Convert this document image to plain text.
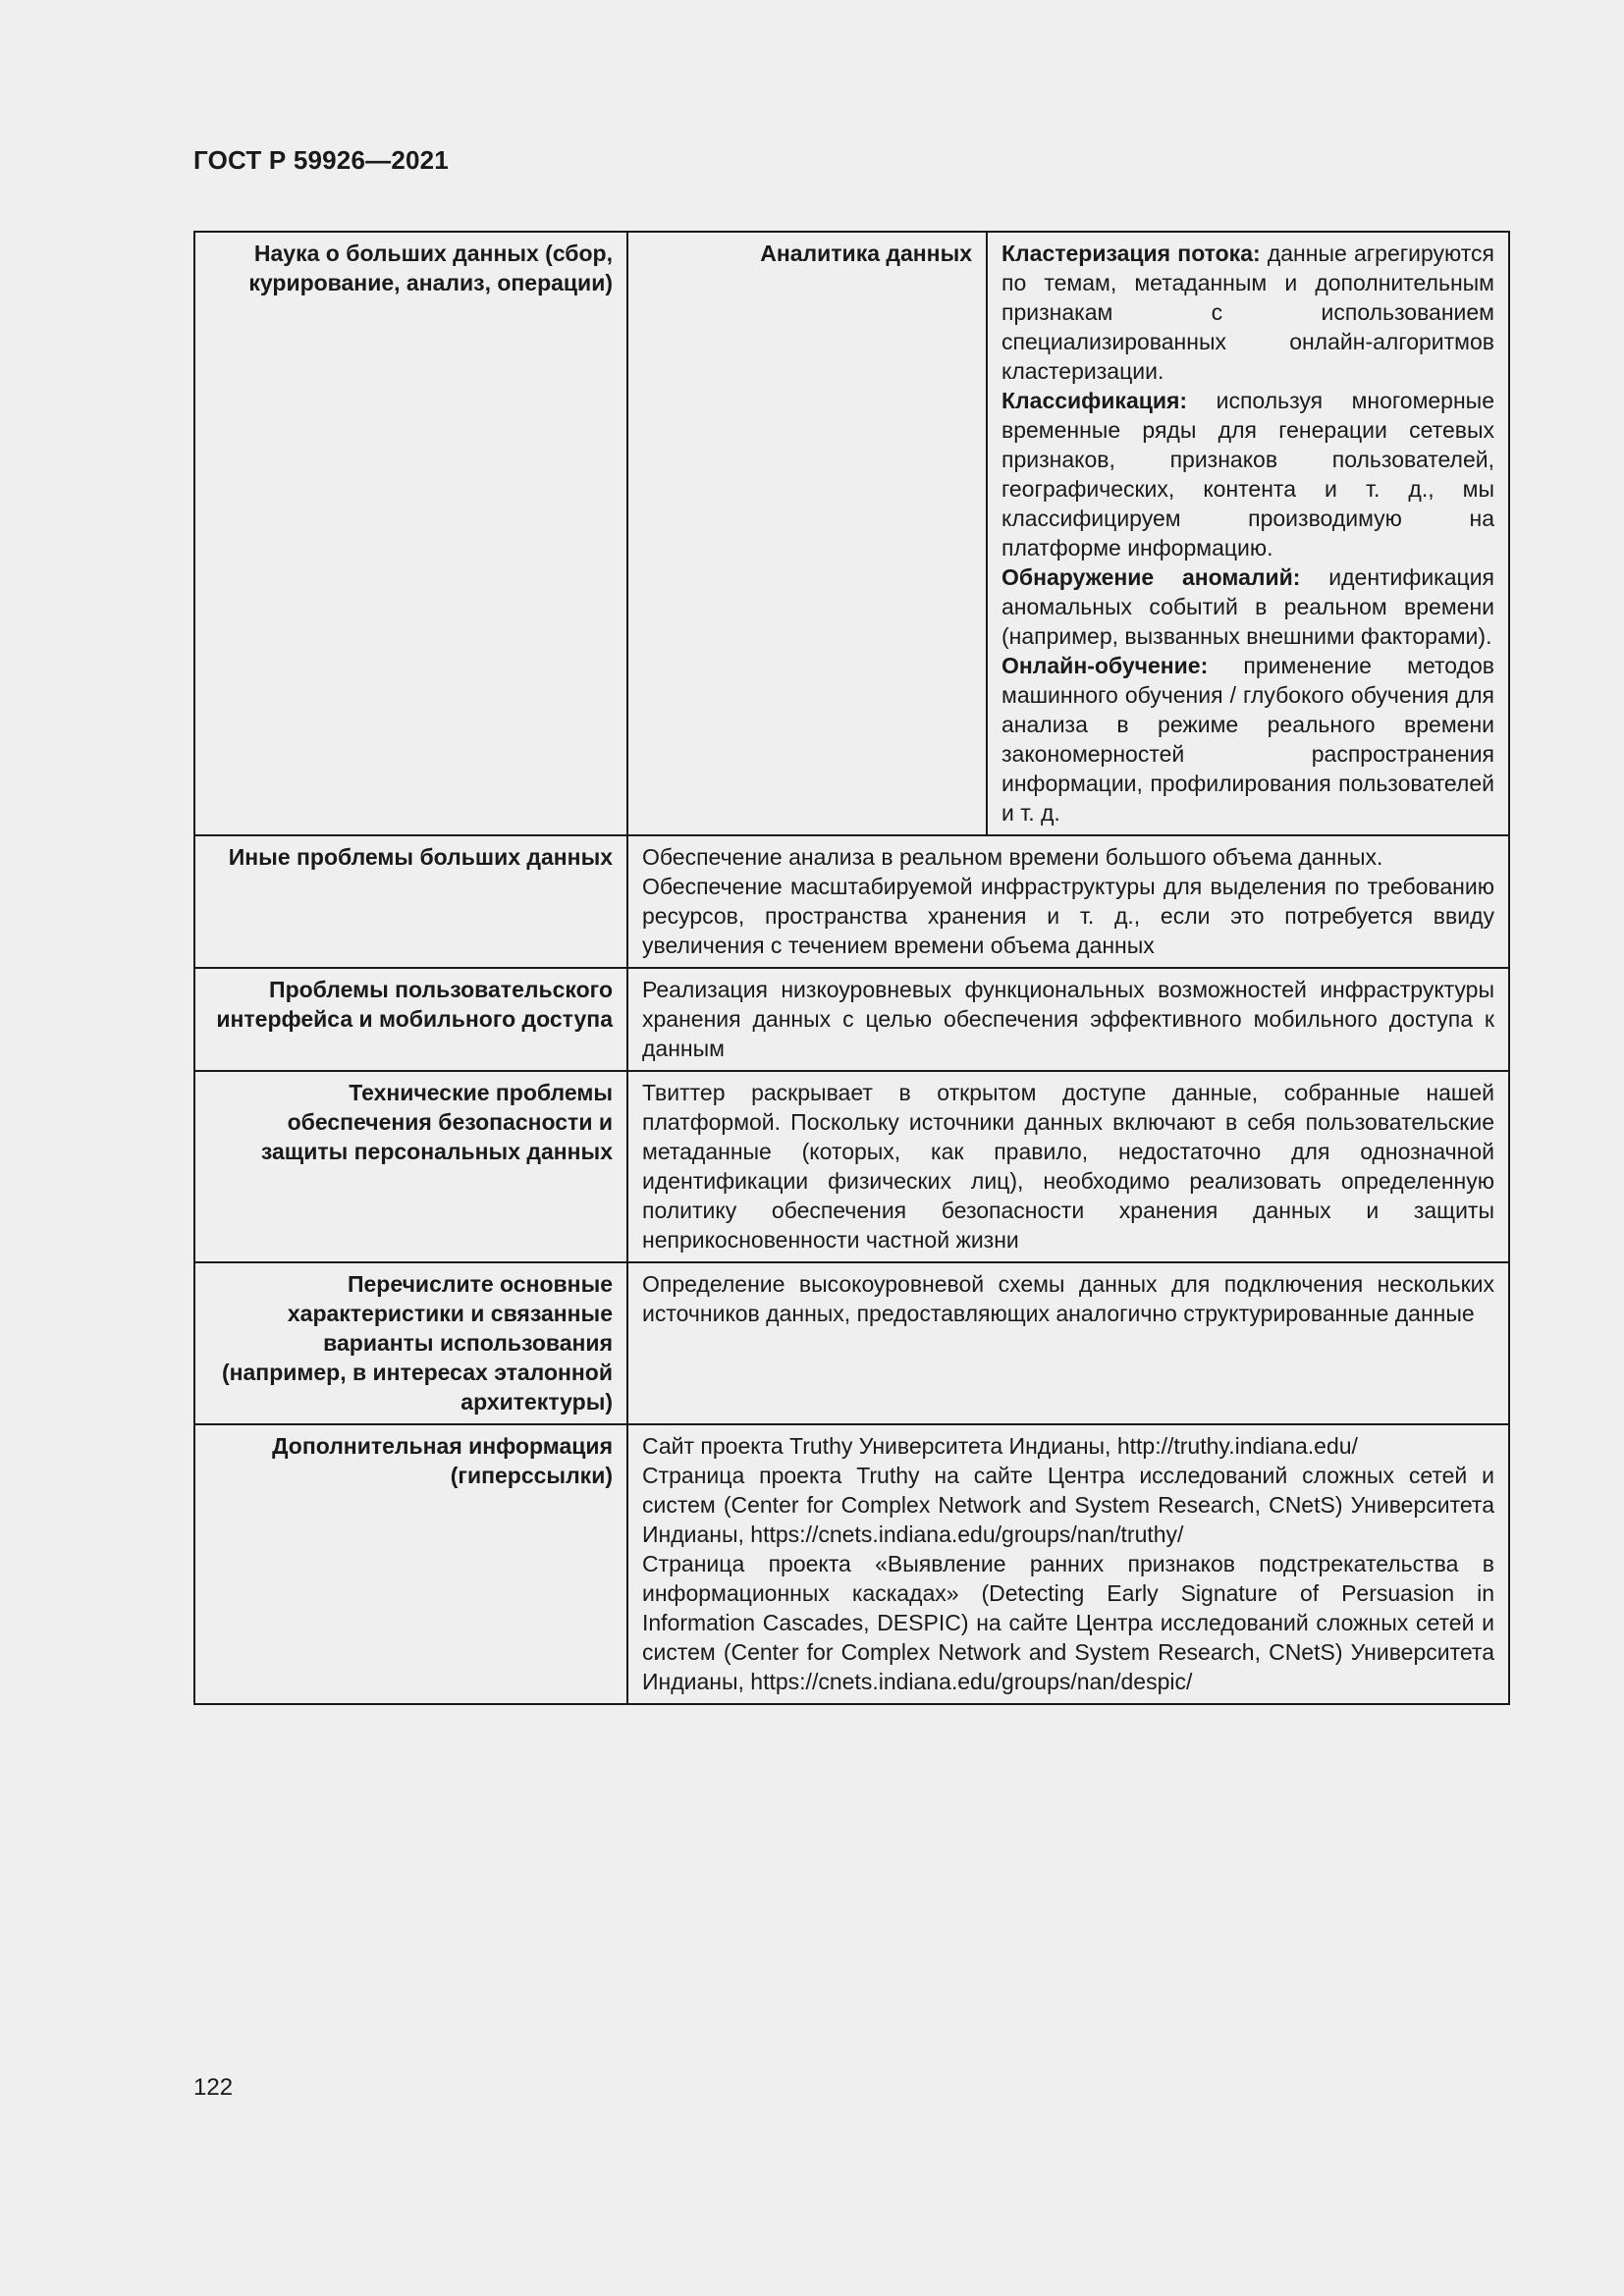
ГОСТ Р 59926—2021
Наука о больших данных (сбор, курирование, анализ, операции)	Аналитика данных	Кластеризация потока: данные агрегируются по темам, метаданным и дополнительным признакам с использованием специализированных онлайн-алгоритмов кластеризации.
Классификация: используя многомерные временные ряды для генерации сетевых признаков, признаков пользователей, географических, контента и т. д., мы классифицируем производимую на платформе информацию.
Обнаружение аномалий: идентификация аномальных событий в реальном времени (например, вызванных внешними факторами).
Онлайн-обучение: применение методов машинного обучения / глубокого обучения для анализа в режиме реального времени закономерностей распространения информации, профилирования пользователей и т. д.

Иные проблемы больших данных	Обеспечение анализа в реальном времени большого объема данных.
Обеспечение масштабируемой инфраструктуры для выделения по требованию ресурсов, пространства хранения и т. д., если это потребуется ввиду увеличения с течением времени объема данных	

Проблемы пользовательского интерфейса и мобильного доступа	Реализация низкоуровневых функциональных возможностей инфраструктуры хранения данных с целью обеспечения эффективного мобильного доступа к данным	
Технические проблемы обеспечения безопасности и защиты персональных данных	Твиттер раскрывает в открытом доступе данные, собранные нашей платформой. Поскольку источники данных включают в себя пользовательские метаданные (которых, как правило, недостаточно для однозначной идентификации физических лиц), необходимо реализовать определенную политику обеспечения безопасности хранения данных и защиты неприкосновенности частной жизни	
Перечислите основные характеристики и связанные варианты использования (например, в интересах эталонной архитектуры)	Определение высокоуровневой схемы данных для подключения нескольких источников данных, предоставляющих аналогично структурированные данные	
Дополнительная информация (гиперссылки)	Сайт проекта Truthy Университета Индианы, http://truthy.indiana.edu/
Страница проекта Truthy на сайте Центра исследований сложных сетей и систем (Center for Complex Network and System Research, CNetS) Университета Индианы, https://cnets.indiana.edu/groups/nan/truthy/
Страница проекта «Выявление ранних признаков подстрекательства в информационных каскадах» (Detecting Early Signature of Persuasion in Information Cascades, DESPIC) на сайте Центра исследований сложных сетей и систем (Center for Complex Network and System Research, CNetS) Университета Индианы, https://cnets.indiana.edu/groups/nan/despic/	
122
